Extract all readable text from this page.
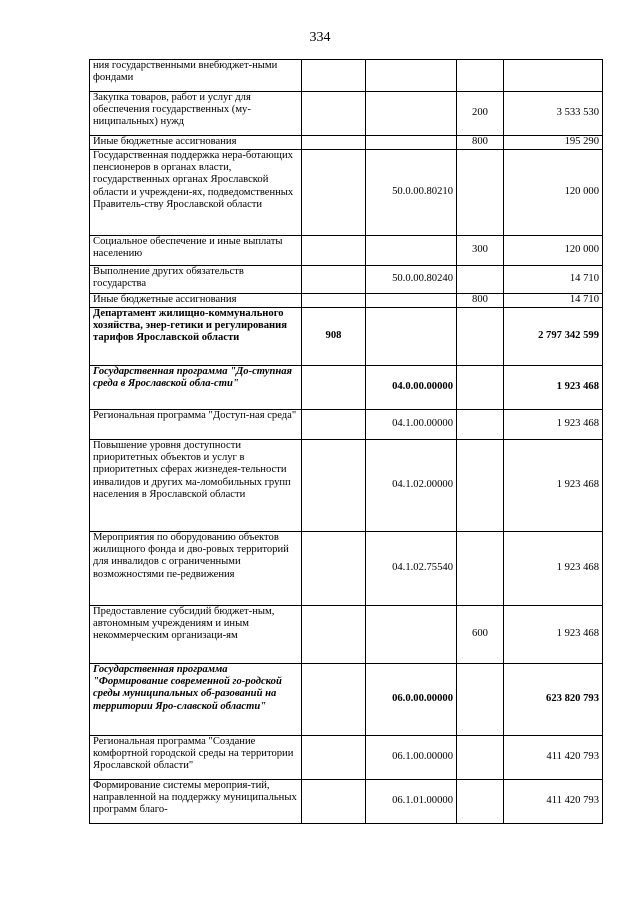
334
ния государственными внебюджет-ными фондами				
Закупка товаров, работ и услуг для обеспечения государственных (му-ниципальных) нужд			200	3 533 530
Иные бюджетные ассигнования			800	195 290
Государственная поддержка нера-ботающих пенсионеров в органах власти, государственных органах Ярославской области и учреждени-ях, подведомственных Правитель-ству Ярославской области		50.0.00.80210		120 000
Социальное обеспечение и иные выплаты населению			300	120 000
Выполнение других обязательств государства		50.0.00.80240		14 710
Иные бюджетные ассигнования			800	14 710
Департамент жилищно-коммунального хозяйства, энер-гетики и регулирования тарифов Ярославской области	908			2 797 342 599
Государственная программа "До-ступная среда в Ярославской обла-сти"		04.0.00.00000		1 923 468
Региональная программа "Доступ-ная среда"		04.1.00.00000		1 923 468
Повышение уровня доступности приоритетных объектов и услуг в приоритетных сферах жизнедея-тельности инвалидов и других ма-ломобильных групп населения в Ярославской области		04.1.02.00000		1 923 468
Мероприятия по оборудованию объектов жилищного фонда и дво-ровых территорий для инвалидов с ограниченными возможностями пе-редвижения		04.1.02.75540		1 923 468
Предоставление субсидий бюджет-ным, автономным учреждениям и иным некоммерческим организаци-ям			600	1 923 468
Государственная программа "Формирование современной го-родской среды муниципальных об-разований на территории Яро-славской области"		06.0.00.00000		623 820 793
Региональная программа "Создание комфортной городской среды на территории Ярославской области"		06.1.00.00000		411 420 793
Формирование системы мероприя-тий, направленной на поддержку муниципальных программ благо-		06.1.01.00000		411 420 793
